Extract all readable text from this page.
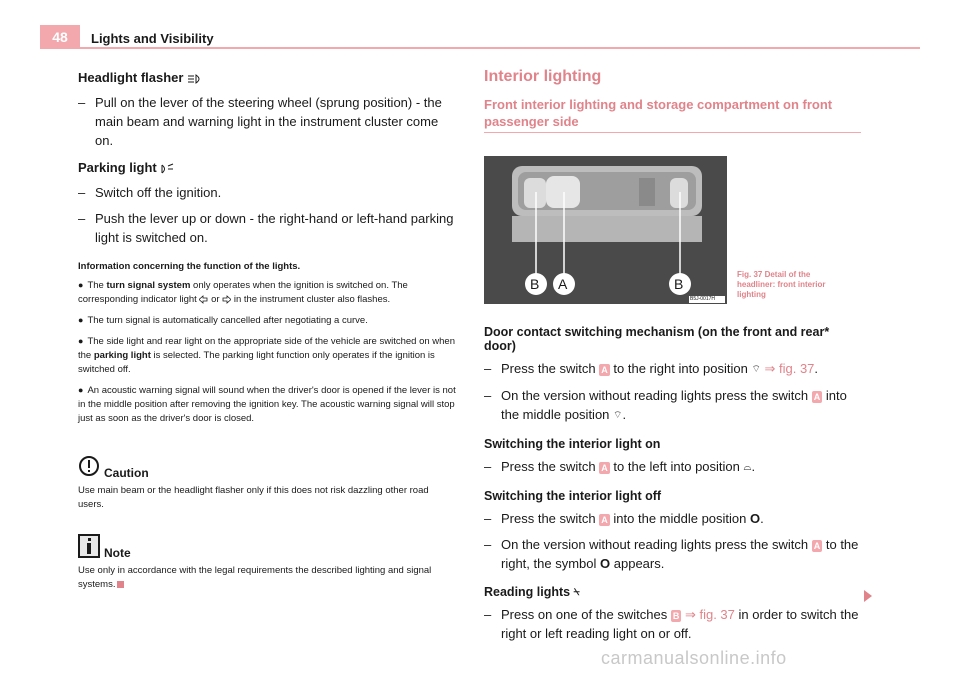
48	Lights and Visibility
Headlight flasher
– Pull on the lever of the steering wheel (sprung position) - the main beam and warning light in the instrument cluster come on.
Parking light
– Switch off the ignition.
– Push the lever up or down - the right-hand or left-hand parking light is switched on.
Information concerning the function of the lights.
● The turn signal system only operates when the ignition is switched on. The corresponding indicator light or in the instrument cluster also flashes.
● The turn signal is automatically cancelled after negotiating a curve.
● The side light and rear light on the appropriate side of the vehicle are switched on when the parking light is selected. The parking light function only operates if the ignition is switched off.
● An acoustic warning signal will sound when the driver's door is opened if the lever is not in the middle position after removing the ignition key. The acoustic warning signal will stop just as soon as the driver's door is closed.
Caution
Use main beam or the headlight flasher only if this does not risk dazzling other road users.
Note
Use only in accordance with the legal requirements the described lighting and signal systems.
Interior lighting
Front interior lighting and storage compartment on front passenger side
B A	B
B5J-0017H
Fig. 37 Detail of the headliner: front interior lighting
Door contact switching mechanism (on the front and rear* door)
– Press the switch A to the right into position ⌔ ⇒ fig. 37.
– On the version without reading lights press the switch A into the middle position ⌔.
Switching the interior light on
– Press the switch A to the left into position ⌓.
Switching the interior light off
– Press the switch A into the middle position O.
– On the version without reading lights press the switch A to the right, the symbol O appears.
Reading lights ⍀
– Press on one of the switches B ⇒ fig. 37 in order to switch the right or left reading light on or off.
carmanualsonline.info
